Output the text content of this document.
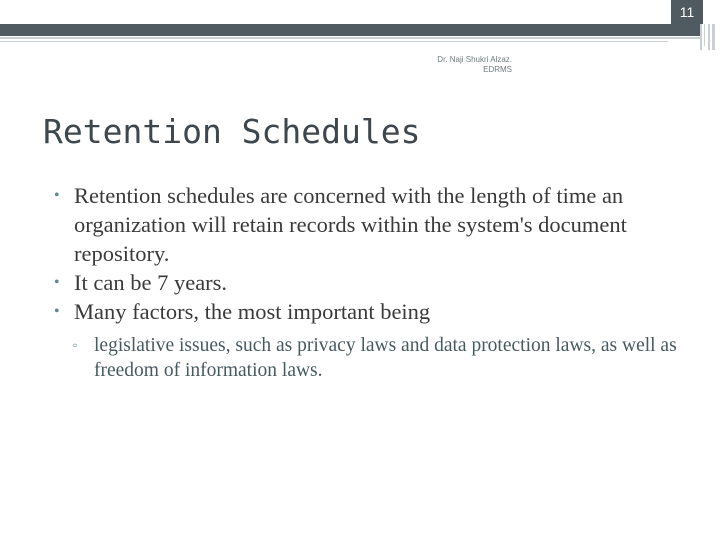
11
Dr. Naji Shukri Alzaz.
EDRMS
Retention Schedules
• Retention schedules are concerned with the length of time an organization will retain records within the system's document repository.
• It can be 7 years.
• Many factors, the most important being
▫ legislative issues, such as privacy laws and data protection laws, as well as freedom of information laws.
